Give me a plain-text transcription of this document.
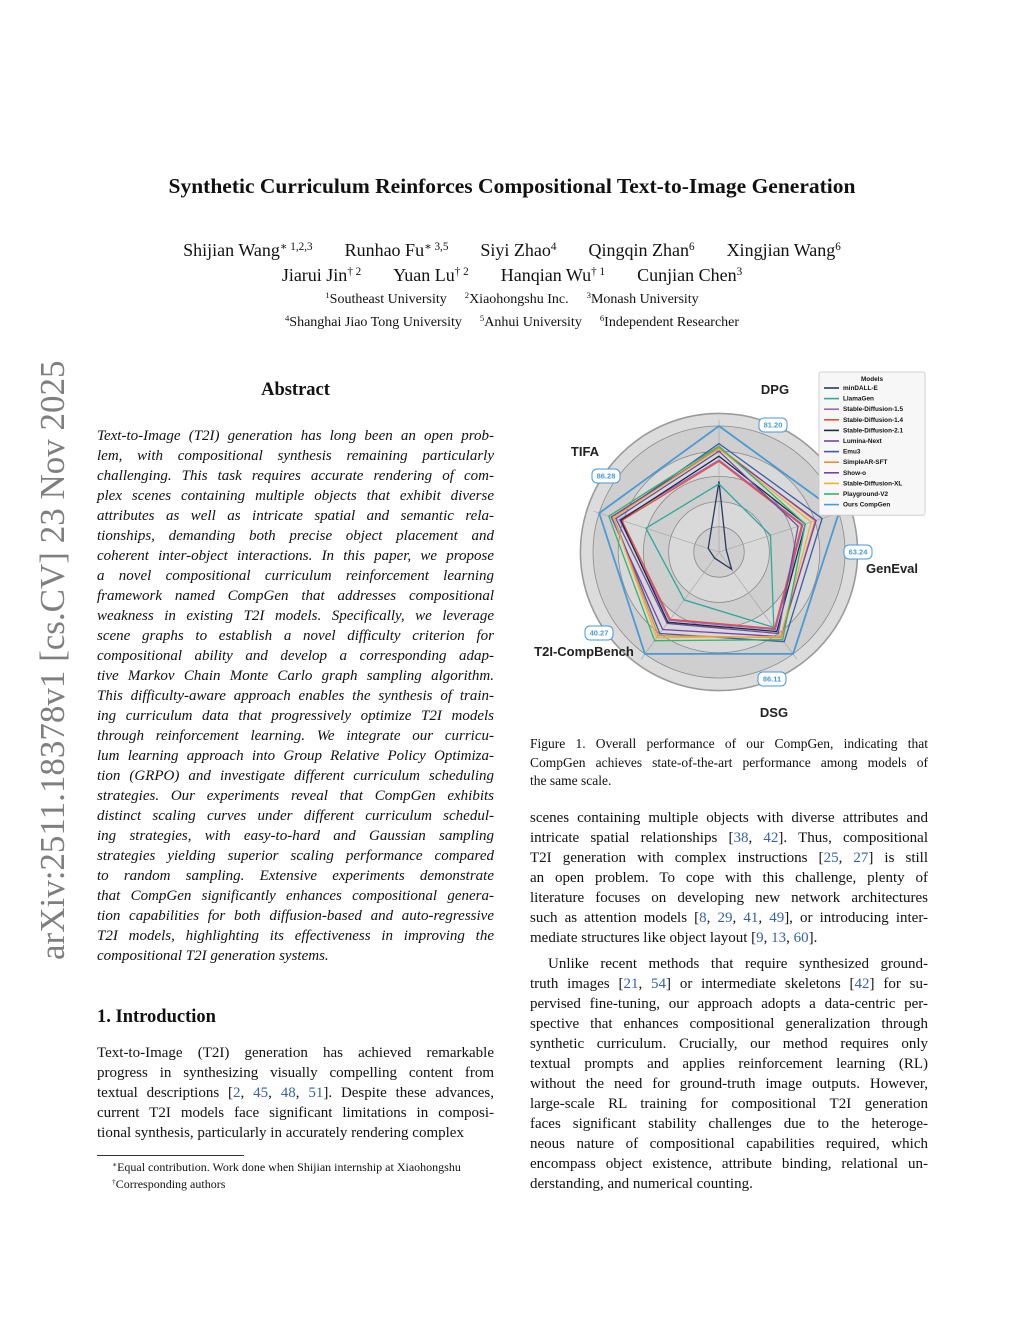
arXiv:2511.18378v1 [cs.CV] 23 Nov 2025
Synthetic Curriculum Reinforces Compositional Text-to-Image Generation
Shijian Wang$^{∗ 1,2,3}$ Runhao $Fu^{∗ 3,5}$ Siyi Zhao$^4$ Qingqin Zhan$^6$ Xingjian Wang$^6$
Jiarui Jin$^{\dagger 2}$ Yuan Lu$^{\dagger 2}$ Hanqian Wu$^{\dagger 1}$ Cunjian Chen$^3$
$^1$Southeast University $^2$Xiaohongshu Inc. $^3$Monash University
$^4$Shanghai Jiao Tong University $^5$Anhui University $^6$Independent Researcher
Abstract
Text-to-Image (T2I) generation has long been an open prob-
lem, with compositional synthesis remaining particularly
challenging. This task requires accurate rendering of com-
plex scenes containing multiple objects that exhibit diverse
attributes as well as intricate spatial and semantic rela-
tionships, demanding both precise object placement and
coherent inter-object interactions. In this paper, we propose
a novel compositional curriculum reinforcement learning
framework named CompGen that addresses compositional
weakness in existing T2I models. Specifically, we leverage
scene graphs to establish a novel difficulty criterion for
compositional ability and develop a corresponding adap-
tive Markov Chain Monte Carlo graph sampling algorithm.
This difficulty-aware approach enables the synthesis of train-
ing curriculum data that progressively optimize T2I models
through reinforcement learning. We integrate our curricu-
lum learning approach into Group Relative Policy Optimiza-
tion (GRPO) and investigate different curriculum scheduling
strategies. Our experiments reveal that CompGen exhibits
distinct scaling curves under different curriculum schedul-
ing strategies, with easy-to-hard and Gaussian sampling
strategies yielding superior scaling performance compared
to random sampling. Extensive experiments demonstrate
that CompGen significantly enhances compositional genera-
tion capabilities for both diffusion-based and auto-regressive
T2I models, highlighting its effectiveness in improving the
compositional T2I generation systems.
1. Introduction
Text-to-Image (T2I) generation has achieved remarkable
progress in synthesizing visually compelling content from
textual descriptions [2, 45, 48, 51]. Despite these advances,
current T2I models face significant limitations in composi-
tional synthesis, particularly in accurately rendering complex
∗Equal contribution. Work done when Shijian internship at Xiaohongshu
†Corresponding authors
DPG
81.20
GenEval
63.24
DSG
86.11
T2I-CompBench
40.27
TIFA
86.28
Models
minDALL-E
LlamaGen
Stable-Diffusion-1.5
Stable-Diffusion-1.4
Stable-Diffusion-2.1
Lumina-Next
Emu3
SimpleAR-SFT
Show-o
Stable-Diffusion-XL
Playground-V2
Ours CompGen
Figure 1. Overall performance of our CompGen, indicating that
CompGen achieves state-of-the-art performance among models of
the same scale.
scenes containing multiple objects with diverse attributes and
intricate spatial relationships [38, 42]. Thus, compositional
T2I generation with complex instructions [25, 27] is still
an open problem. To cope with this challenge, plenty of
literature focuses on developing new network architectures
such as attention models [8, 29, 41, 49], or introducing inter-
mediate structures like object layout [9, 13, 60].
Unlike recent methods that require synthesized ground-
truth images [21, 54] or intermediate skeletons [42] for su-
pervised fine-tuning, our approach adopts a data-centric per-
spective that enhances compositional generalization through
synthetic curriculum. Crucially, our method requires only
textual prompts and applies reinforcement learning (RL)
without the need for ground-truth image outputs. However,
large-scale RL training for compositional T2I generation
faces significant stability challenges due to the heteroge-
neous nature of compositional capabilities required, which
encompass object existence, attribute binding, relational un-
derstanding, and numerical counting.
